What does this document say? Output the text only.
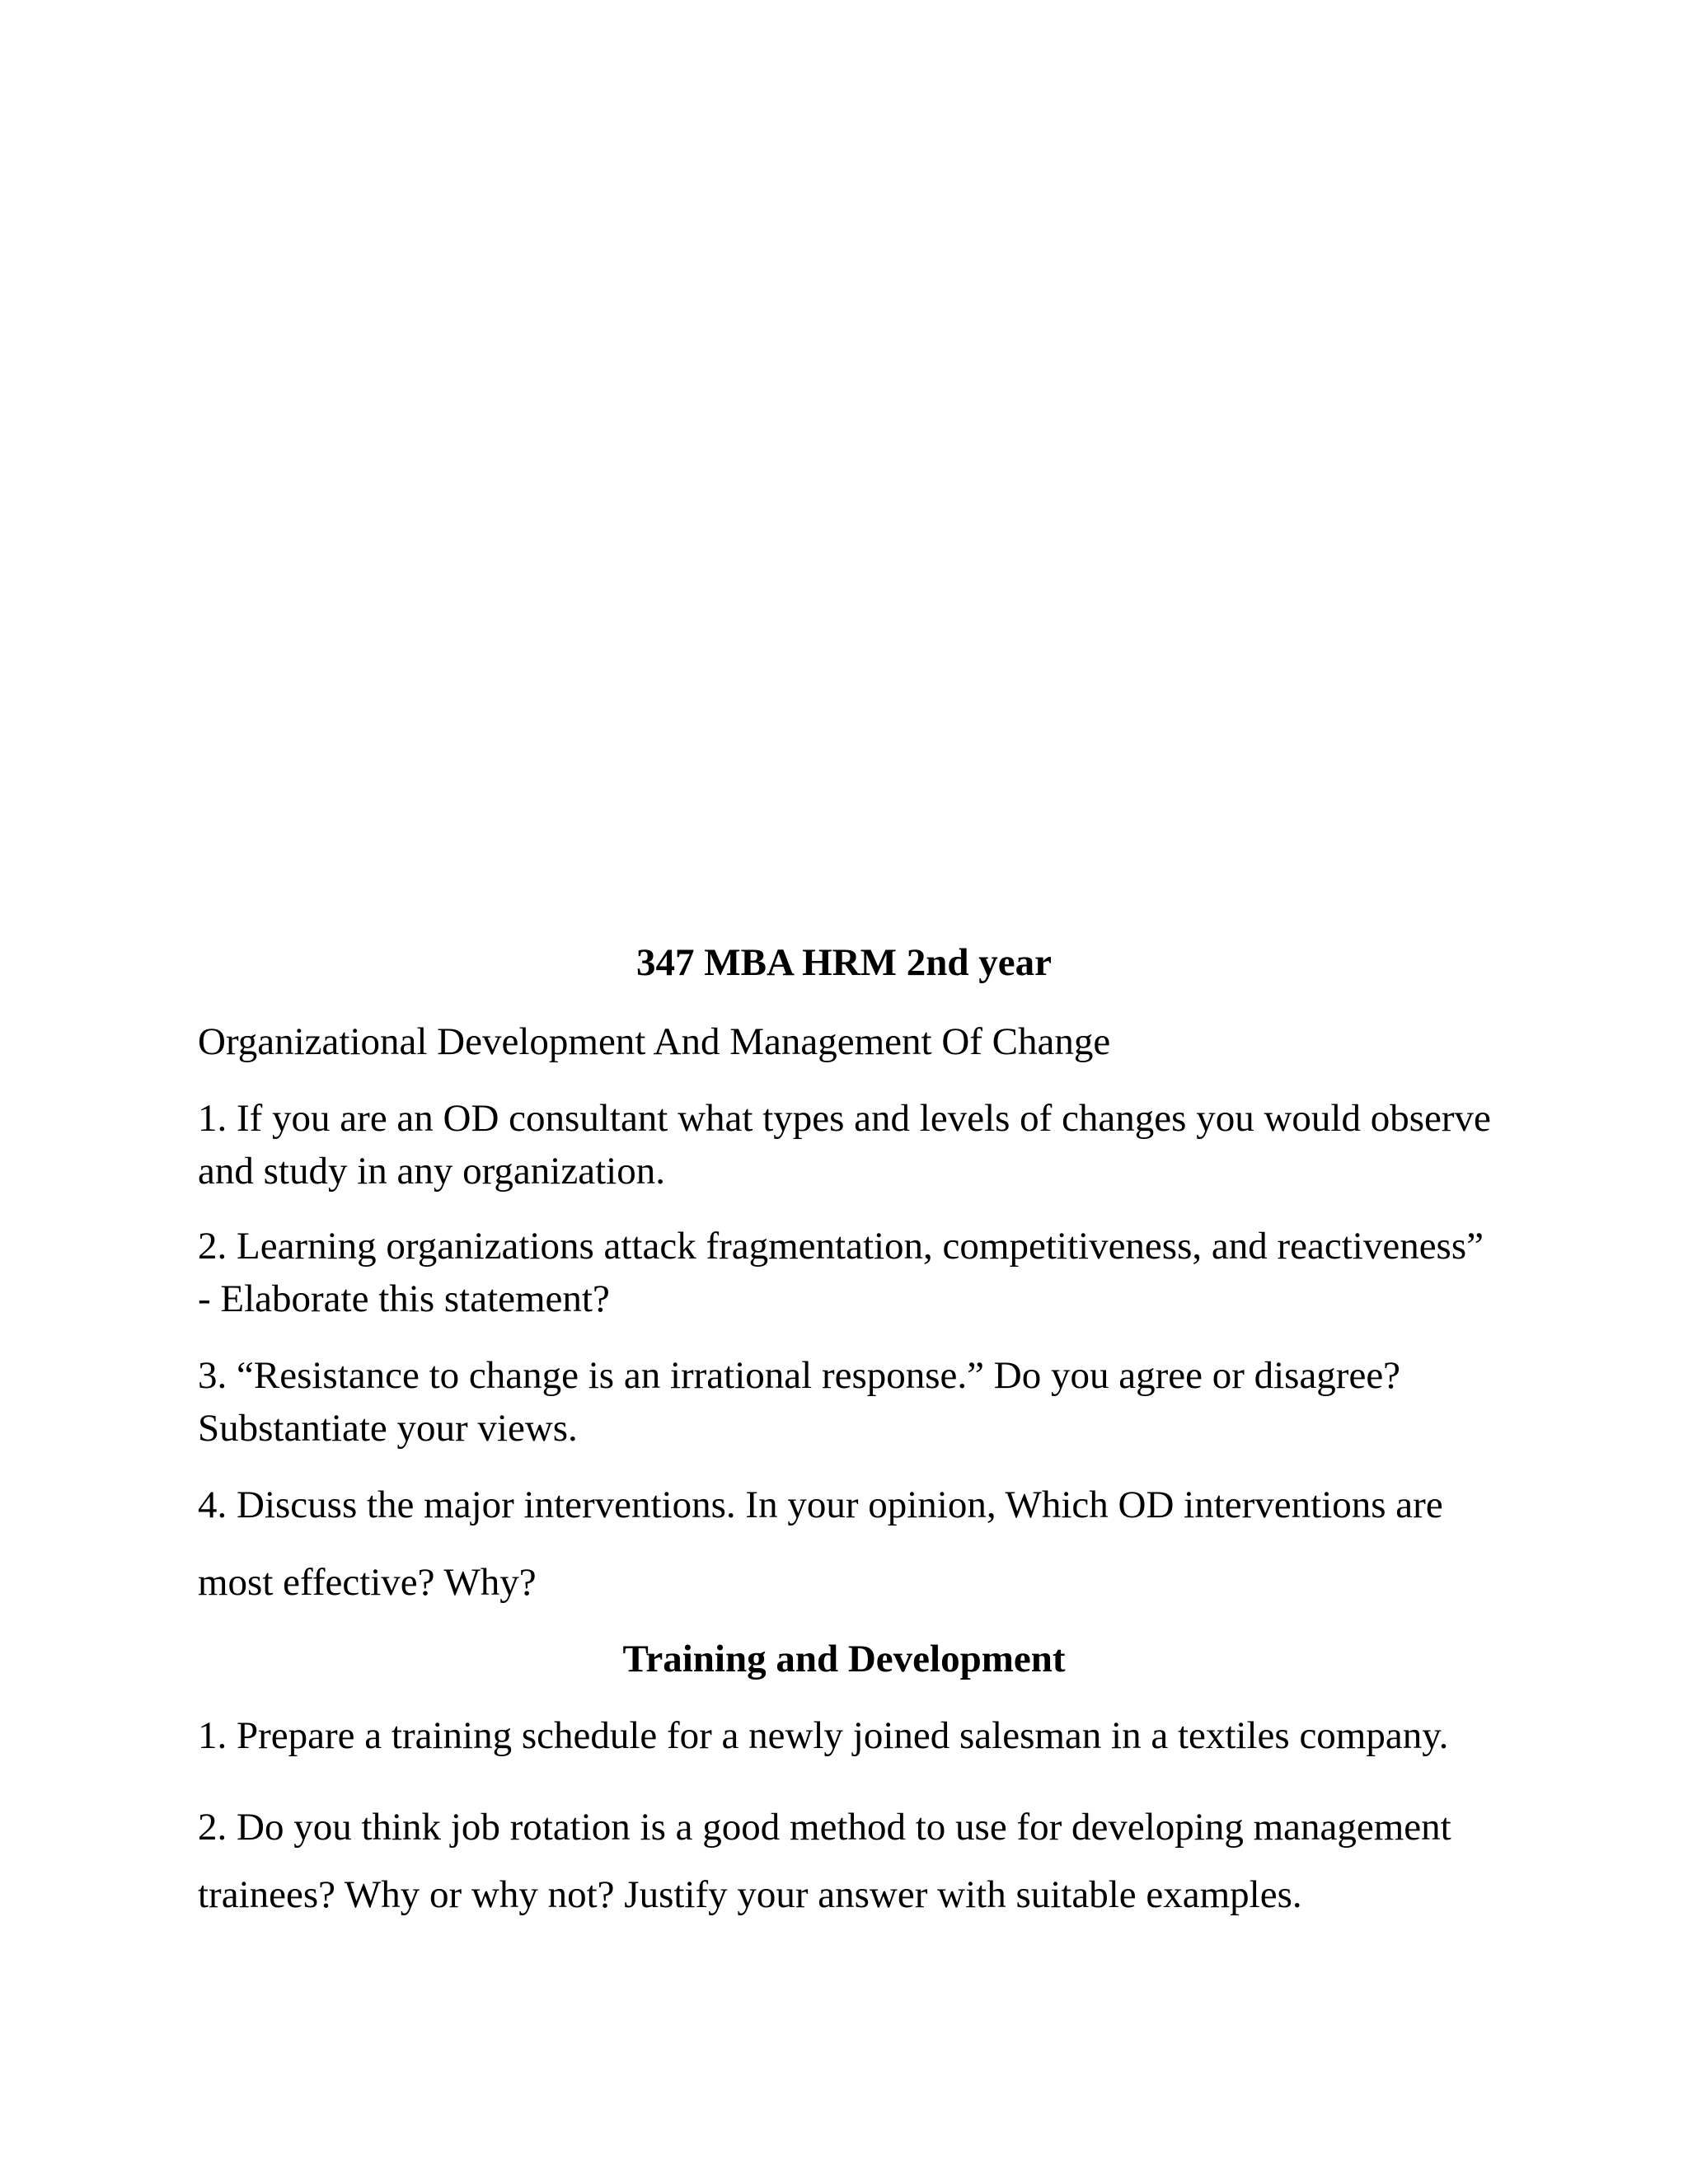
347 MBA HRM 2nd year
Organizational Development And Management Of Change
1. If you are an OD consultant what types and levels of changes you would observe
and study in any organization.
2. Learning organizations attack fragmentation, competitiveness, and reactiveness”
- Elaborate this statement?
3. “Resistance to change is an irrational response.” Do you agree or disagree?
Substantiate your views.
4. Discuss the major interventions. In your opinion, Which OD interventions are
most effective? Why?
Training and Development
1. Prepare a training schedule for a newly joined salesman in a textiles company.
2. Do you think job rotation is a good method to use for developing management
trainees? Why or why not? Justify your answer with suitable examples.
